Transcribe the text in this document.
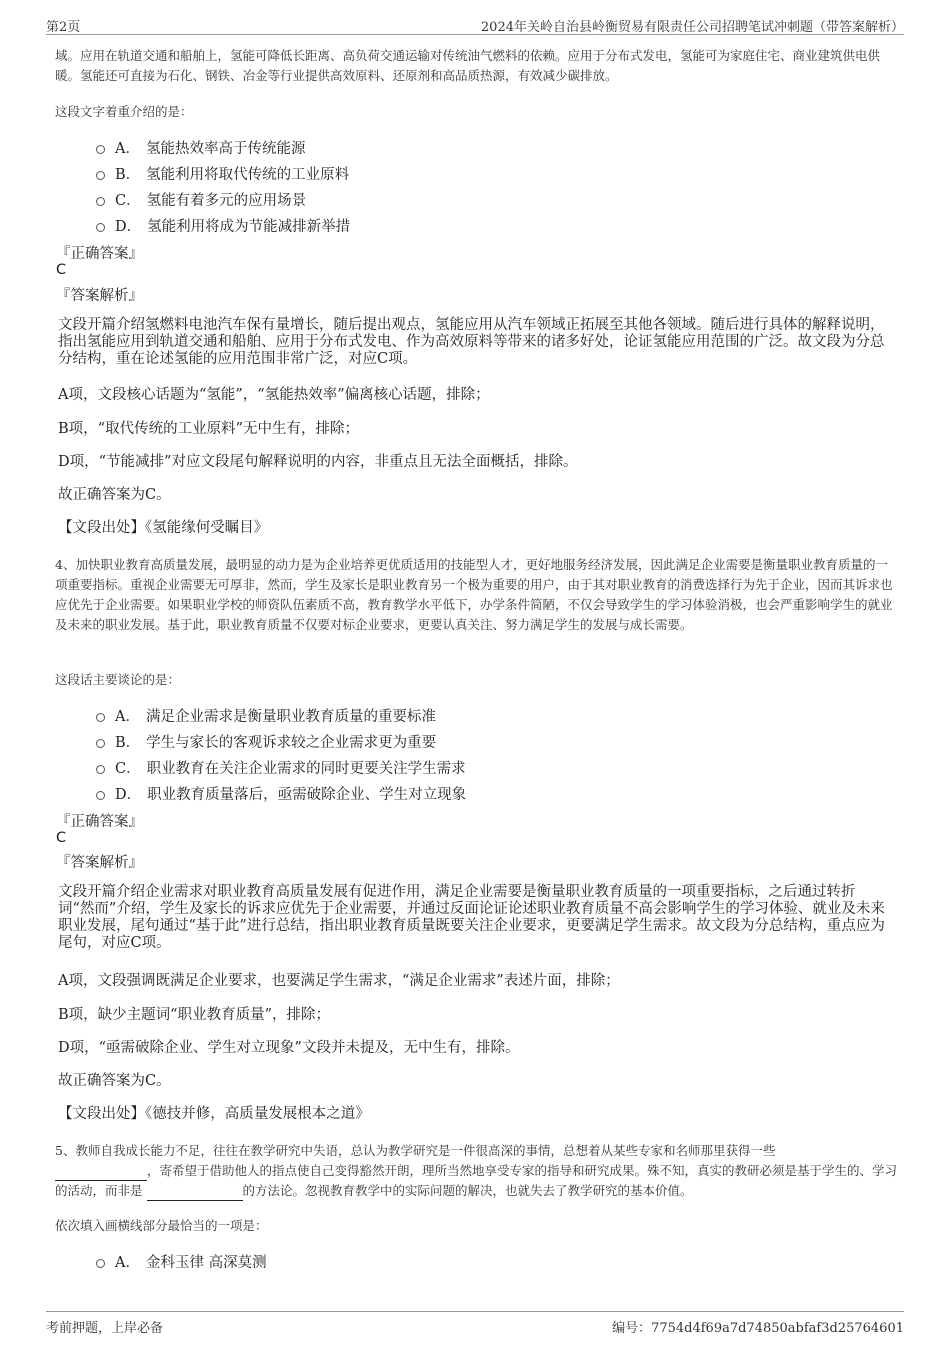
第2页	2024年关岭自治县岭衡贸易有限责任公司招聘笔试冲刺题（带答案解析）
域。应用在轨道交通和船舶上，氢能可降低长距离、高负荷交通运输对传统油气燃料的依赖。应用于分布式发电，氢能可为家庭住宅、商业建筑供电供暖。氢能还可直接为石化、钢铁、冶金等行业提供高效原料、还原剂和高品质热源，有效减少碳排放。
这段文字着重介绍的是：
A． 氢能热效率高于传统能源
B． 氢能利用将取代传统的工业原料
C． 氢能有着多元的应用场景
D． 氢能利用将成为节能减排新举措
『正确答案』
C
『答案解析』
文段开篇介绍氢燃料电池汽车保有量增长，随后提出观点，氢能应用从汽车领域正拓展至其他各领域。随后进行具体的解释说明，指出氢能应用到轨道交通和船舶、应用于分布式发电、作为高效原料等带来的诸多好处，论证氢能应用范围的广泛。故文段为分总分结构，重在论述氢能的应用范围非常广泛，对应C项。
A项，文段核心话题为“氢能”，“氢能热效率”偏离核心话题，排除；
B项，“取代传统的工业原料”无中生有，排除；
D项，“节能减排”对应文段尾句解释说明的内容，非重点且无法全面概括，排除。
故正确答案为C。
【文段出处】《氢能缘何受瞩目》
4、加快职业教育高质量发展，最明显的动力是为企业培养更优质适用的技能型人才，更好地服务经济发展，因此满足企业需要是衡量职业教育质量的一项重要指标。重视企业需要无可厚非，然而，学生及家长是职业教育另一个极为重要的用户，由于其对职业教育的消费选择行为先于企业，因而其诉求也应优先于企业需要。如果职业学校的师资队伍素质不高，教育教学水平低下，办学条件简陋，不仅会导致学生的学习体验消极，也会严重影响学生的就业及未来的职业发展。基于此，职业教育质量不仅要对标企业要求，更要认真关注、努力满足学生的发展与成长需要。
这段话主要谈论的是：
A． 满足企业需求是衡量职业教育质量的重要标准
B． 学生与家长的客观诉求较之企业需求更为重要
C． 职业教育在关注企业需求的同时更要关注学生需求
D． 职业教育质量落后，亟需破除企业、学生对立现象
『正确答案』
C
『答案解析』
文段开篇介绍企业需求对职业教育高质量发展有促进作用，满足企业需要是衡量职业教育质量的一项重要指标，之后通过转折词“然而”介绍，学生及家长的诉求应优先于企业需要，并通过反面论证论述职业教育质量不高会影响学生的学习体验、就业及未来职业发展，尾句通过“基于此”进行总结，指出职业教育质量既要关注企业要求，更要满足学生需求。故文段为分总结构，重点应为尾句，对应C项。
A项，文段强调既满足企业要求，也要满足学生需求，“满足企业需求”表述片面，排除；
B项，缺少主题词“职业教育质量”，排除；
D项，“亟需破除企业、学生对立现象”文段并未提及，无中生有，排除。
故正确答案为C。
【文段出处】《德技并修，高质量发展根本之道》
5、教师自我成长能力不足，往往在教学研究中失语，总认为教学研究是一件很高深的事情，总想着从某些专家和名师那里获得一些
，寄希望于借助他人的指点使自己变得豁然开朗，理所当然地享受专家的指导和研究成果。殊不知，真实的教研必须是基于学生的、学习的活动，而非是	的方法论。忽视教育教学中的实际问题的解决，也就失去了教学研究的基本价值。
依次填入画横线部分最恰当的一项是：
A． 金科玉律 高深莫测
考前押题，上岸必备	编号：7754d4f69a7d74850abfaf3d25764601
